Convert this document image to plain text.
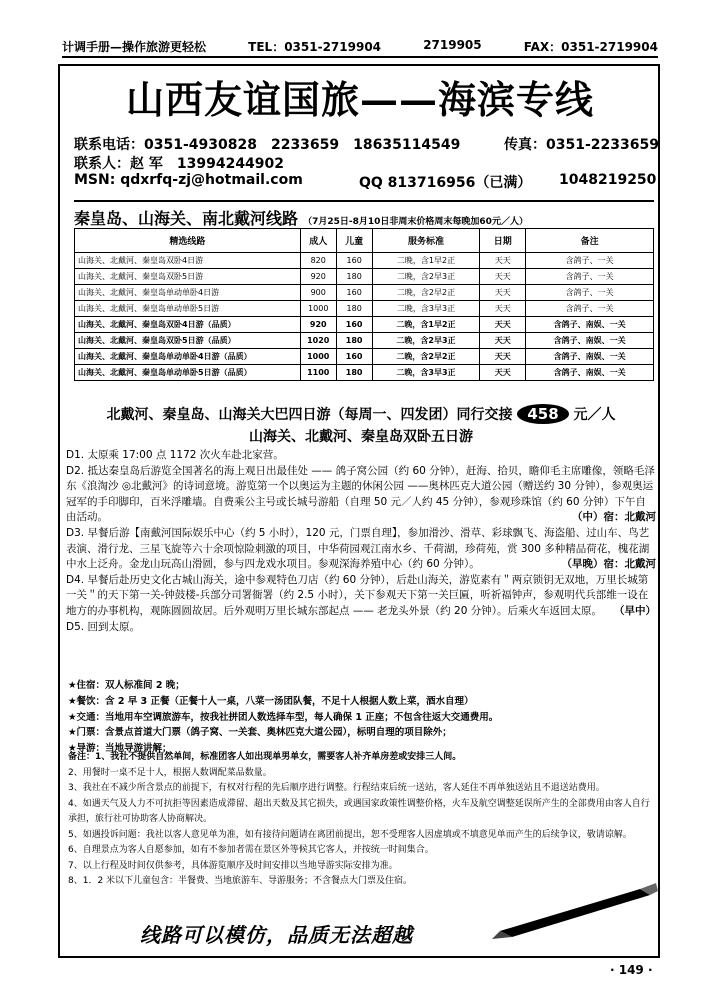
计调手册—操作旅游更轻松	TEL：0351-2719904	2719905	FAX：0351-2719904
山西友谊国旅——海滨专线
联系电话：0351-4930828　2233659　18635114549	传真：0351-2233659
联系人：赵 军　13994244902
MSN: qdxrfq-zj@hotmail.com	QQ 813716956（已满） 1048219250
秦皇岛、山海关、南北戴河线路 （7月25日-8月10日非周末价格周末每晚加60元／人）
精选线路	成人	儿童	服务标准	日期	备注
山海关、北戴河、秦皇岛双卧4日游	820	160	二晚，含1早2正	天天	含鸽子、一关
山海关、北戴河、秦皇岛双卧5日游	920	180	二晚，含2早3正	天天	含鸽子、一关
山海关、北戴河、秦皇岛单动单卧4日游	900	160	二晚，含2早2正	天天	含鸽子、一关
山海关、北戴河、秦皇岛单动单卧5日游	1000	180	二晚，含3早3正	天天	含鸽子、一关
山海关、北戴河、秦皇岛双卧4日游（品质）	920	160	二晚，含1早2正	天天	含鸽子、南娱、一关
山海关、北戴河、秦皇岛双卧5日游（品质）	1020	180	二晚，含2早3正	天天	含鸽子、南娱、一关
山海关、北戴河、秦皇岛单动单卧4日游（品质）	1000	160	二晚，含2早2正	天天	含鸽子、南娱、一关
山海关、北戴河、秦皇岛单动单卧5日游（品质）	1100	180	二晚，含3早3正	天天	含鸽子、南娱、一关
北戴河、秦皇岛、山海关大巴四日游（每周一、四发团）同行交接 458 元／人
山海关、北戴河、秦皇岛双卧五日游

D1. 太原乘 17:00 点 1172 次火车赴北家营。

D2. 抵达秦皇岛后游览全国著名的海上观日出最佳处 —— 鸽子窝公园（约 60 分钟），赶海、拾贝，瞻仰毛主席雕像，领略毛泽东《浪淘沙 ◎北戴河》的诗词意境。游览第一个以奥运为主题的休闲公园 ——奥林匹克大道公园（赠送约 30 分钟），参观奥运冠军的手印脚印，百米浮雕墙。自费乘公主号或长城号游船（自理 50 元／人约 45 分钟），参观珍珠馆（约 60 分钟）下午自由活动。	（中）宿：北戴河

D3. 早餐后游【南戴河国际娱乐中心（约 5 小时），120 元，门票自理】，参加滑沙、滑草、彩球飘飞、海盗船、过山车、鸟艺表演、滑行龙、三星飞旋等六十余项惊险刺激的项目，中华荷园观江南水乡、千荷湖，珍荷苑，赏 300 多种精品荷花，槐花湖中水上泛舟。金龙山玩高山滑圆，参与四龙戏水项目。参观深海养殖中心（约 60 分钟）。	（早晚）宿：北戴河

D4. 早餐后赴历史文化古城山海关，途中参观特色刀店（约 60 分钟），后赴山海关，游览素有＂两京锁钥无双地，万里长城第一关＂的天下第一关-钟鼓楼-兵部分司署衙署（约 2.5 小时），关下参观天下第一关巨匾，听祈福钟声，参观明代兵部维一设在地方的办事机构，观陈圆圆故居。后外观明万里长城东部起点 —— 老龙头外景（约 20 分钟）。后乘火车返回太原。 （早中）

D5. 回到太原。

★住宿：双人标准间 2 晚；
★餐饮：含 2 早 3 正餐（正餐十人一桌，八菜一汤团队餐，不足十人根据人数上菜，酒水自理）
★交通：当地用车空调旅游车，按我社拼团人数选择车型，每人确保 1 正座；不包含往返大交通费用。
★门票：含景点首道大门票（鸽子窝、一关套、奥林匹克大道公园），标明自理的项目除外；
★导游：当地导游讲解；
备注：1、我社不提供自然单间，标准团客人如出现单男单女，需要客人补齐单房差或安排三人间。
2、用餐时一桌不足十人，根据人数调配菜品数量。
3、我社在不减少所含景点的前提下，有权对行程的先后顺序进行调整。行程结束后统一送站，客人延住不再单独送站且不退送站费用。
4、如遇天气及人力不可抗拒等因素造成滞留、超出天数及其它损失，或遇国家政策性调整价格，火车及航空调整延误所产生的全部费用由客人自行承担，旅行社可协助客人协商解决。
5、如遇投诉问题：我社以客人意见单为准，如有接待问题请在离团前提出，恕不受理客人因虚填或不填意见单而产生的后续争议，敬请谅解。
6、自理景点为客人自愿参加，如有不参加者需在景区外等候其它客人，并按统一时间集合。
7、以上行程及时间仅供参考，具体游览顺序及时间安排以当地导游实际安排为准。
8、1．2 米以下儿童包含：半餐费、当地旅游车、导游服务；不含餐点大门票及住宿。
线路可以模仿，品质无法超越
· 149 ·
